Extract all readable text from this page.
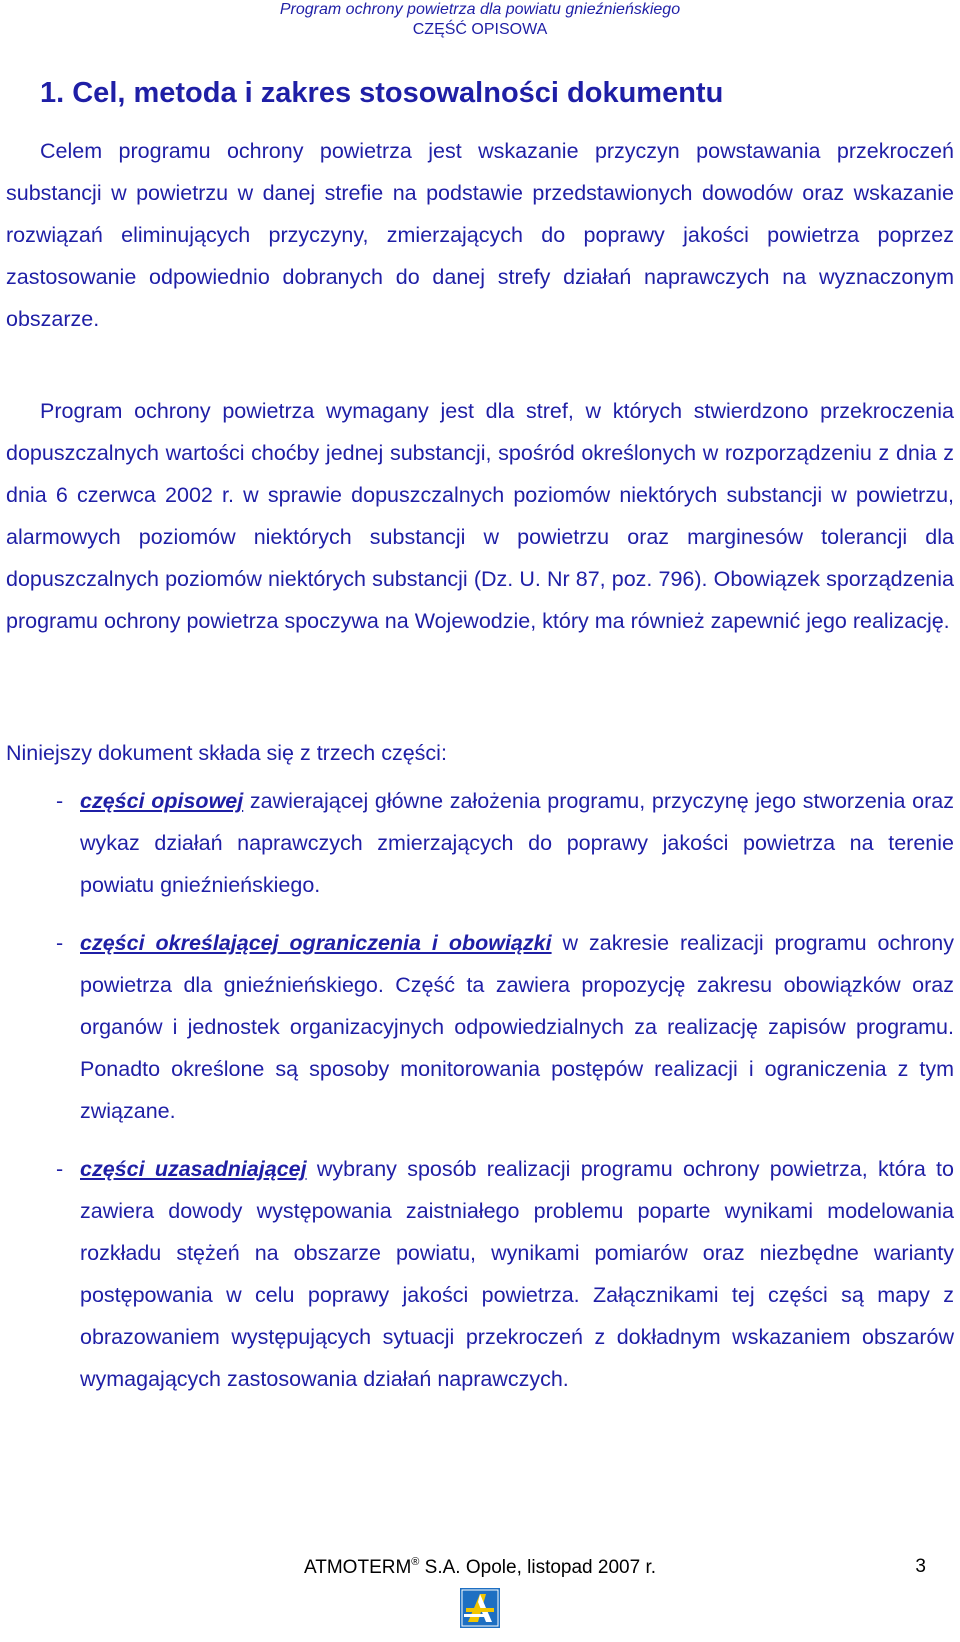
Program ochrony powietrza dla powiatu gnieźnieńskiego
CZĘŚĆ OPISOWA
1. Cel, metoda i zakres stosowalności dokumentu

Celem programu ochrony powietrza jest wskazanie przyczyn powstawania przekroczeń substancji w powietrzu w danej strefie na podstawie przedstawionych dowodów oraz wskazanie rozwiązań eliminujących przyczyny, zmierzających do poprawy jakości powietrza poprzez zastosowanie odpowiednio dobranych do danej strefy działań naprawczych na wyznaczonym obszarze.

Program ochrony powietrza wymagany jest dla stref, w których stwierdzono przekroczenia dopuszczalnych wartości choćby jednej substancji, spośród określonych w rozporządzeniu z dnia z dnia 6 czerwca 2002 r. w sprawie dopuszczalnych poziomów niektórych substancji w powietrzu, alarmowych poziomów niektórych substancji w powietrzu oraz marginesów tolerancji dla dopuszczalnych poziomów niektórych substancji (Dz. U. Nr 87, poz. 796). Obowiązek sporządzenia programu ochrony powietrza spoczywa na Wojewodzie, który ma również zapewnić jego realizację.

Niniejszy dokument składa się z trzech części:

- części opisowej zawierającej główne założenia programu, przyczynę jego stworzenia oraz wykaz działań naprawczych zmierzających do poprawy jakości powietrza na terenie powiatu gnieźnieńskiego.
- części określającej ograniczenia i obowiązki w zakresie realizacji programu ochrony powietrza dla gnieźnieńskiego. Część ta zawiera propozycję zakresu obowiązków oraz organów i jednostek organizacyjnych odpowiedzialnych za realizację zapisów programu. Ponadto określone są sposoby monitorowania postępów realizacji i ograniczenia z tym związane.
- części uzasadniającej wybrany sposób realizacji programu ochrony powietrza, która to zawiera dowody występowania zaistniałego problemu poparte wynikami modelowania rozkładu stężeń na obszarze powiatu, wynikami pomiarów oraz niezbędne warianty postępowania w celu poprawy jakości powietrza. Załącznikami tej części są mapy z obrazowaniem występujących sytuacji przekroczeń z dokładnym wskazaniem obszarów wymagających zastosowania działań naprawczych.
ATMOTERM® S.A. Opole, listopad 2007 r.	3
